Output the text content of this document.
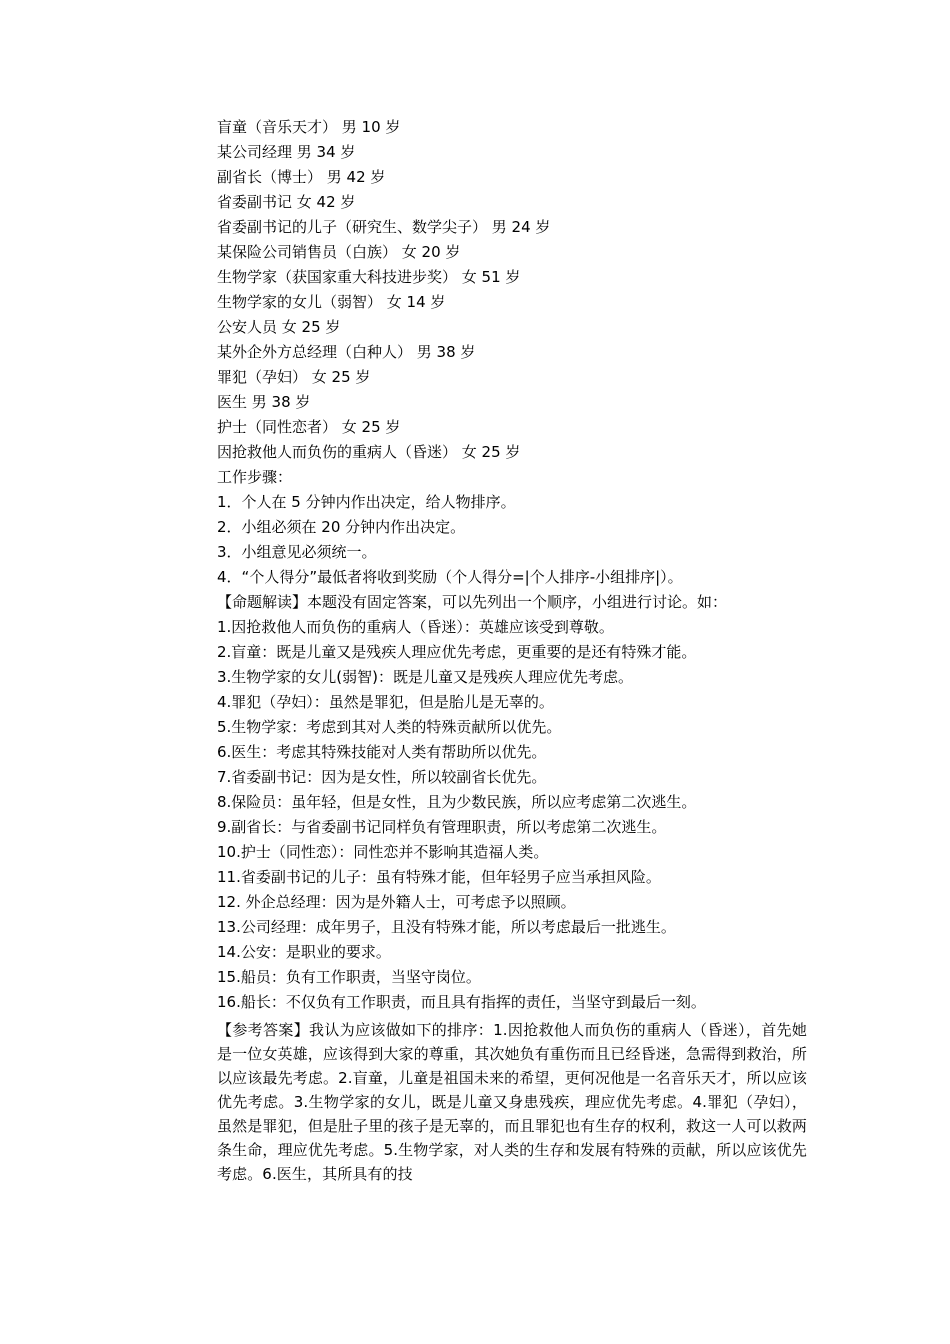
盲童（音乐天才） 男 10 岁
某公司经理 男 34 岁
副省长（博士） 男 42 岁
省委副书记 女 42 岁
省委副书记的儿子（研究生、数学尖子） 男 24 岁
某保险公司销售员（白族） 女 20 岁
生物学家（获国家重大科技进步奖） 女 51 岁
生物学家的女儿（弱智） 女 14 岁
公安人员 女 25 岁
某外企外方总经理（白种人） 男 38 岁
罪犯（孕妇） 女 25 岁
医生 男 38 岁
护士（同性恋者） 女 25 岁
因抢救他人而负伤的重病人（昏迷） 女 25 岁
工作步骤：
1．个人在 5 分钟内作出决定，给人物排序。
2．小组必须在 20 分钟内作出决定。
3．小组意见必须统一。
4．“个人得分”最低者将收到奖励（个人得分=|个人排序-小组排序|）。
【命题解读】本题没有固定答案，可以先列出一个顺序，小组进行讨论。如：
1.因抢救他人而负伤的重病人（昏迷）：英雄应该受到尊敬。
2.盲童：既是儿童又是残疾人理应优先考虑，更重要的是还有特殊才能。
3.生物学家的女儿(弱智)：既是儿童又是残疾人理应优先考虑。
4.罪犯（孕妇）：虽然是罪犯，但是胎儿是无辜的。
5.生物学家：考虑到其对人类的特殊贡献所以优先。
6.医生：考虑其特殊技能对人类有帮助所以优先。
7.省委副书记：因为是女性，所以较副省长优先。
8.保险员：虽年轻，但是女性，且为少数民族，所以应考虑第二次逃生。
9.副省长：与省委副书记同样负有管理职责，所以考虑第二次逃生。
10.护士（同性恋）：同性恋并不影响其造福人类。
11.省委副书记的儿子：虽有特殊才能，但年轻男子应当承担风险。
12. 外企总经理：因为是外籍人士，可考虑予以照顾。
13.公司经理：成年男子，且没有特殊才能，所以考虑最后一批逃生。
14.公安：是职业的要求。
15.船员：负有工作职责，当坚守岗位。
16.船长：不仅负有工作职责，而且具有指挥的责任，当坚守到最后一刻。
【参考答案】我认为应该做如下的排序：1.因抢救他人而负伤的重病人（昏迷），首先她是一位女英雄，应该得到大家的尊重，其次她负有重伤而且已经昏迷，急需得到救治，所以应该最先考虑。2.盲童，儿童是祖国未来的希望，更何况他是一名音乐天才，所以应该优先考虑。3.生物学家的女儿，既是儿童又身患残疾，理应优先考虑。4.罪犯（孕妇），虽然是罪犯，但是肚子里的孩子是无辜的，而且罪犯也有生存的权利，救这一人可以救两条生命，理应优先考虑。5.生物学家，对人类的生存和发展有特殊的贡献，所以应该优先考虑。6.医生，其所具有的技
